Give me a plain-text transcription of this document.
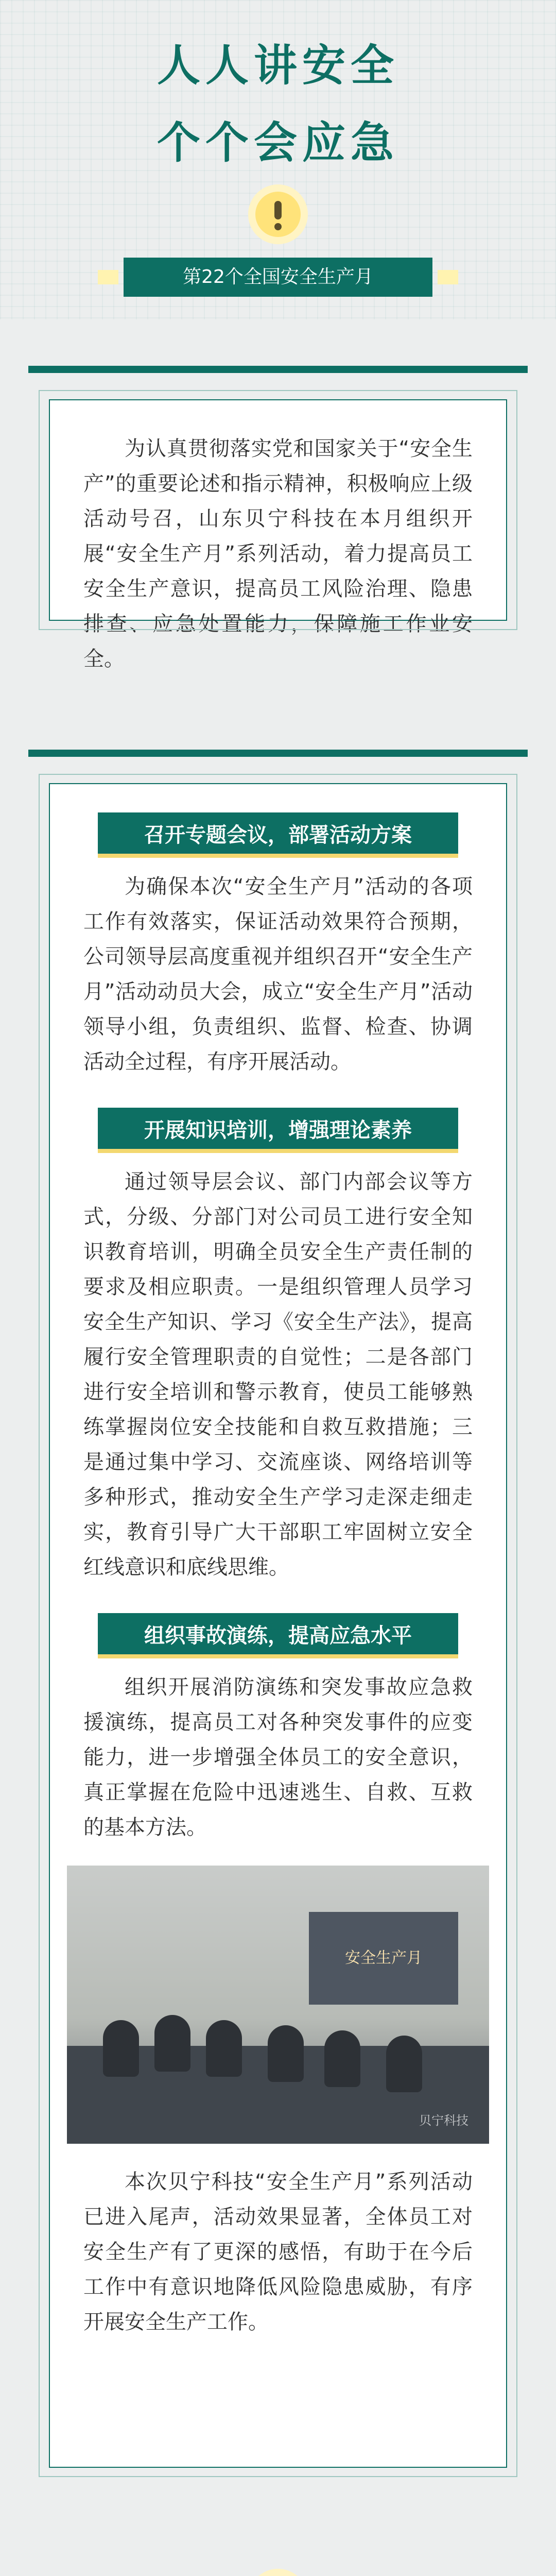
人人讲安全
个个会应急
第22个全国安全生产月

为认真贯彻落实党和国家关于“安全生产”的重要论述和指示精神，积极响应上级活动号召，山东贝宁科技在本月组织开展“安全生产月”系列活动，着力提高员工安全生产意识，提高员工风险治理、隐患排查、应急处置能力，保障施工作业安全。

召开专题会议，部署活动方案

为确保本次“安全生产月”活动的各项工作有效落实，保证活动效果符合预期，公司领导层高度重视并组织召开“安全生产月”活动动员大会，成立“安全生产月”活动领导小组，负责组织、监督、检查、协调活动全过程，有序开展活动。

开展知识培训，增强理论素养

通过领导层会议、部门内部会议等方式，分级、分部门对公司员工进行安全知识教育培训，明确全员安全生产责任制的要求及相应职责。一是组织管理人员学习安全生产知识、学习《安全生产法》，提高履行安全管理职责的自觉性；二是各部门进行安全培训和警示教育，使员工能够熟练掌握岗位安全技能和自救互救措施；三是通过集中学习、交流座谈、网络培训等多种形式，推动安全生产学习走深走细走实，教育引导广大干部职工牢固树立安全红线意识和底线思维。

组织事故演练，提高应急水平

组织开展消防演练和突发事故应急救援演练，提高员工对各种突发事件的应变能力，进一步增强全体员工的安全意识，真正掌握在危险中迅速逃生、自救、互救的基本方法。

安全生产月
贝宁科技

本次贝宁科技“安全生产月”系列活动已进入尾声，活动效果显著，全体员工对安全生产有了更深的感悟，有助于在今后工作中有意识地降低风险隐患威胁，有序开展安全生产工作。
